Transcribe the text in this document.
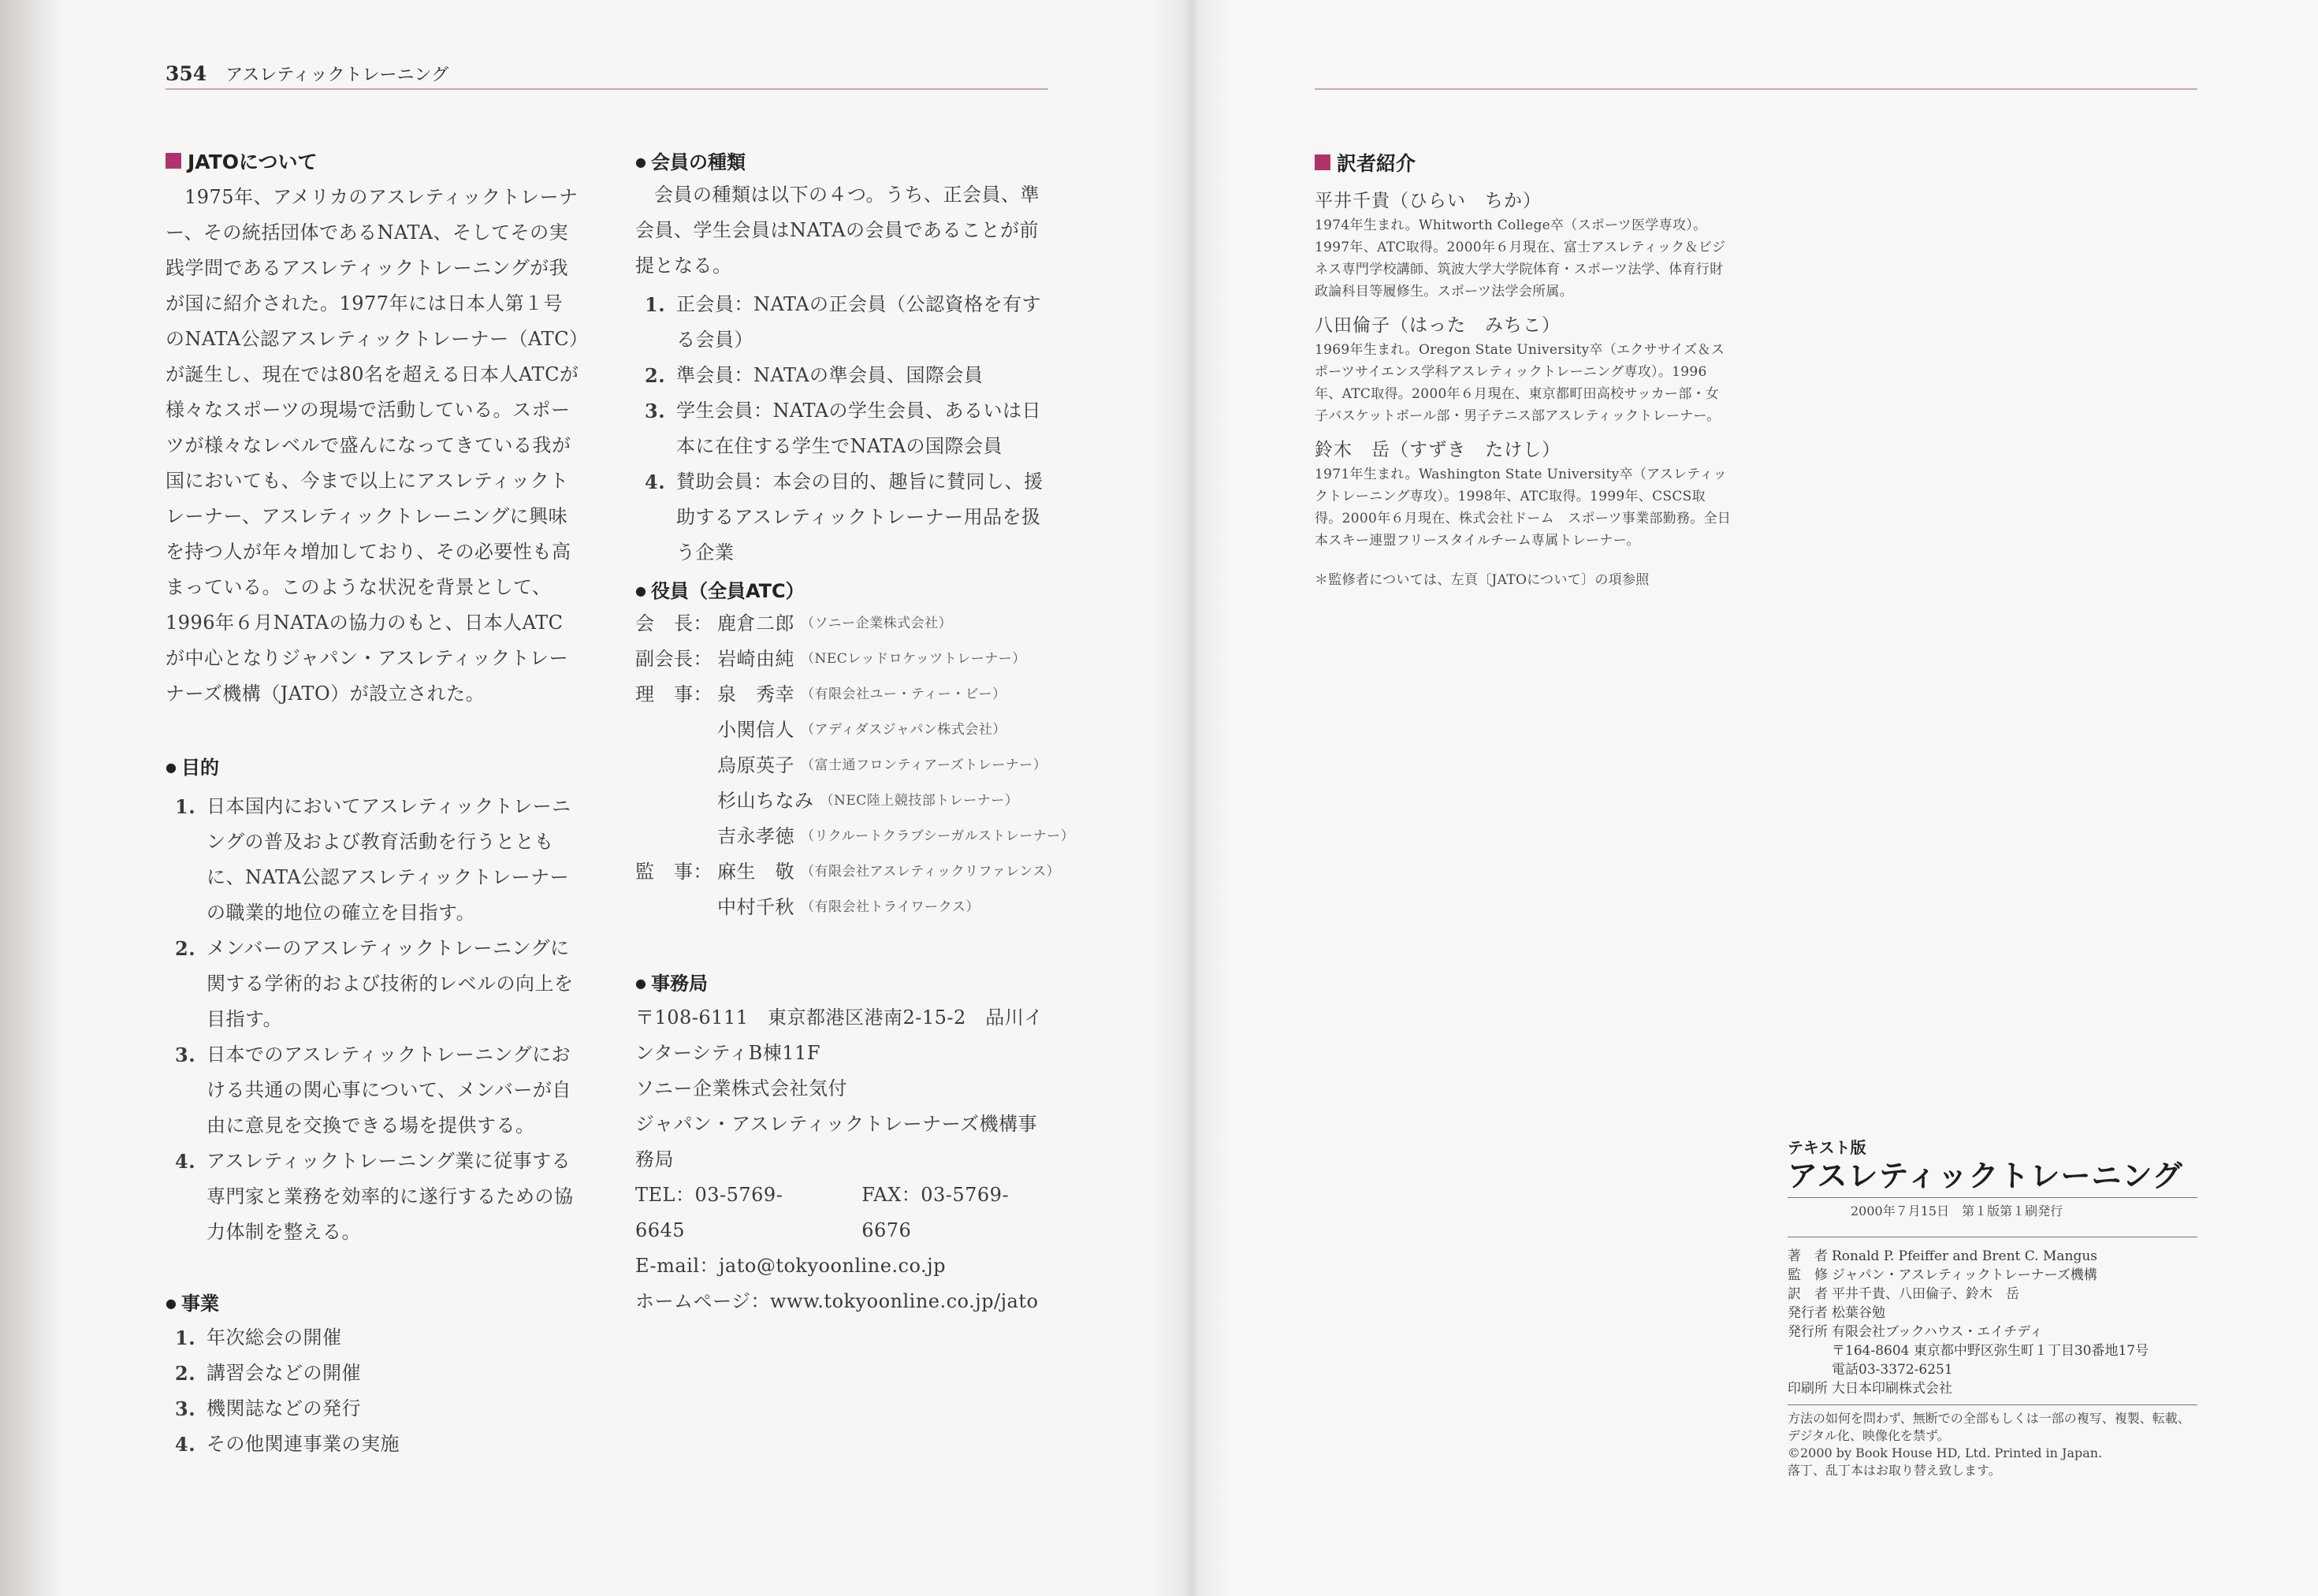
354 アスレティックトレーニング
JATOについて

1975年、アメリカのアスレティックトレーナー、その統括団体であるNATA、そしてその実践学問であるアスレティックトレーニングが我が国に紹介された。1977年には日本人第１号のNATA公認アスレティックトレーナー（ATC）が誕生し、現在では80名を超える日本人ATCが様々なスポーツの現場で活動している。スポーツが様々なレベルで盛んになってきている我が国においても、今まで以上にアスレティックトレーナー、アスレティックトレーニングに興味を持つ人が年々増加しており、その必要性も高まっている。このような状況を背景として、1996年６月NATAの協力のもと、日本人ATCが中心となりジャパン・アスレティックトレーナーズ機構（JATO）が設立された。

● 目的
1. 日本国内においてアスレティックトレーニングの普及および教育活動を行うとともに、NATA公認アスレティックトレーナーの職業的地位の確立を目指す。
2. メンバーのアスレティックトレーニングに関する学術的および技術的レベルの向上を目指す。
3. 日本でのアスレティックトレーニングにおける共通の関心事について、メンバーが自由に意見を交換できる場を提供する。
4. アスレティックトレーニング業に従事する専門家と業務を効率的に遂行するための協力体制を整える。
● 事業
1. 年次総会の開催
2. 講習会などの開催
3. 機関誌などの発行
4. その他関連事業の実施
● 会員の種類

会員の種類は以下の４つ。うち、正会員、準会員、学生会員はNATAの会員であることが前提となる。

1. 正会員：NATAの正会員（公認資格を有する会員）
2. 準会員：NATAの準会員、国際会員
3. 学生会員：NATAの学生会員、あるいは日本に在住する学生でNATAの国際会員
4. 賛助会員：本会の目的、趣旨に賛同し、援助するアスレティックトレーナー用品を扱う企業
● 役員（全員ATC）
会　長： 鹿倉二郎 （ソニー企業株式会社）
副会長： 岩崎由純 （NECレッドロケッツトレーナー）
理　事： 泉　秀幸 （有限会社ユー・ティー・ビー）
小関信人 （アディダスジャパン株式会社）
烏原英子 （富士通フロンティアーズトレーナー）
杉山ちなみ （NEC陸上競技部トレーナー）
吉永孝徳 （リクルートクラブシーガルストレーナー）
監　事： 麻生　敬 （有限会社アスレティックリファレンス）
中村千秋 （有限会社トライワークス）
● 事務局
〒108-6111　東京都港区港南2-15-2　品川インターシティB棟11F
ソニー企業株式会社気付
ジャパン・アスレティックトレーナーズ機構事務局
TEL：03-5769-6645
FAX：03-5769-6676
E-mail：jato@tokyoonline.co.jp
ホームページ：www.tokyoonline.co.jp/jato
訳者紹介
平井千貴（ひらい　ちか）
1974年生まれ。Whitworth College卒（スポーツ医学専攻）。1997年、ATC取得。2000年６月現在、富士アスレティック＆ビジネス専門学校講師、筑波大学大学院体育・スポーツ法学、体育行財政論科目等履修生。スポーツ法学会所属。
八田倫子（はった　みちこ）
1969年生まれ。Oregon State University卒（エクササイズ＆スポーツサイエンス学科アスレティックトレーニング専攻）。1996年、ATC取得。2000年６月現在、東京都町田高校サッカー部・女子バスケットボール部・男子テニス部アスレティックトレーナー。
鈴木　岳（すずき　たけし）
1971年生まれ。Washington State University卒（アスレティックトレーニング専攻）。1998年、ATC取得。1999年、CSCS取得。2000年６月現在、株式会社ドーム　スポーツ事業部勤務。全日本スキー連盟フリースタイルチーム専属トレーナー。
＊監修者については、左頁〔JATOについて〕の項参照
テキスト版
アスレティックトレーニング
2000年７月15日　第１版第１刷発行
著　者 Ronald P. Pfeiffer and Brent C. Mangus
監　修 ジャパン・アスレティックトレーナーズ機構
訳　者 平井千貴、八田倫子、鈴木　岳
発行者 松葉谷勉
発行所 有限会社ブックハウス・エイチディ
〒164-8604 東京都中野区弥生町１丁目30番地17号
電話03-3372-6251
印刷所 大日本印刷株式会社
方法の如何を問わず、無断での全部もしくは一部の複写、複製、転載、デジタル化、映像化を禁ず。
©2000 by Book House HD, Ltd. Printed in Japan.
落丁、乱丁本はお取り替え致します。
